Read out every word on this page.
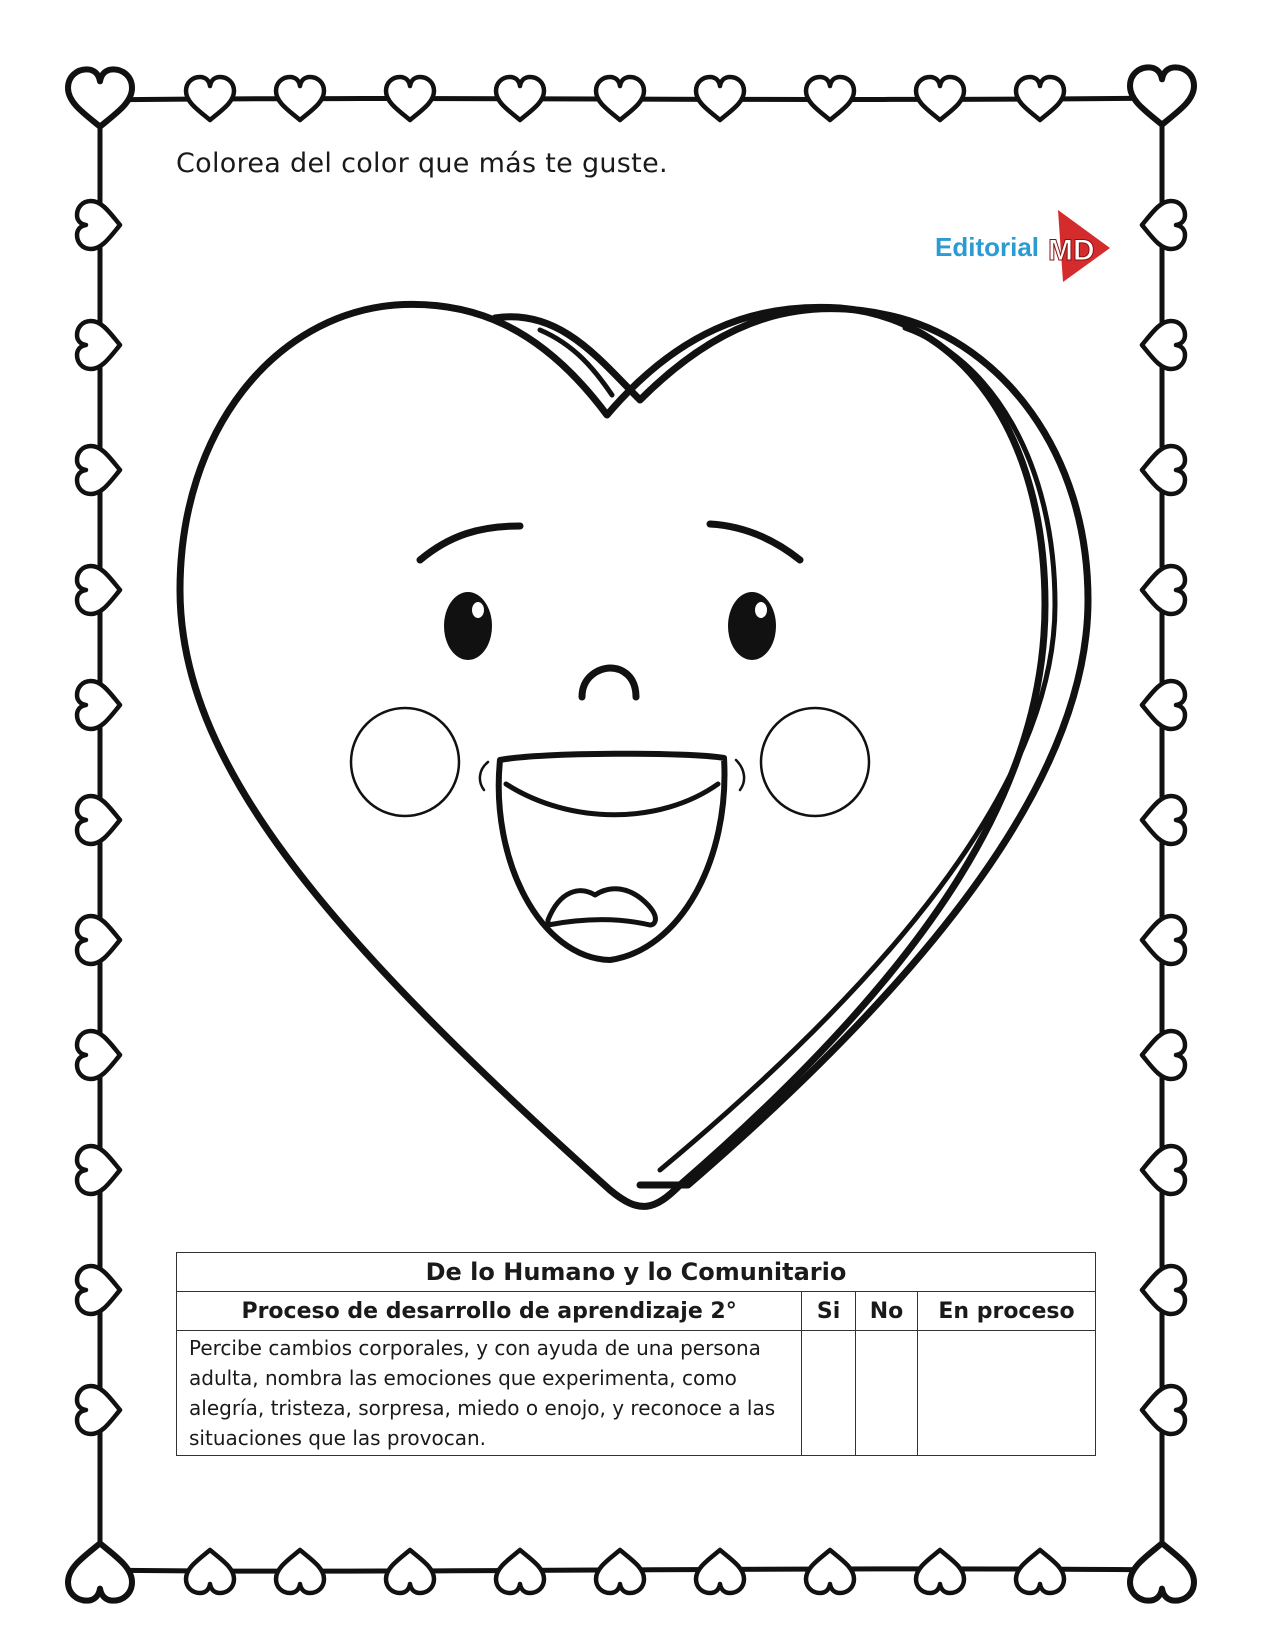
MD
Colorea del color que más te guste.
Editorial
De lo Humano y lo Comunitario			
Proceso de desarrollo de aprendizaje 2°	Si	No	En proceso
Percibe cambios corporales, y con ayuda de una persona adulta, nombra las emociones que experimenta, como alegría, tristeza, sorpresa, miedo o enojo, y reconoce a las situaciones que las provocan.			
